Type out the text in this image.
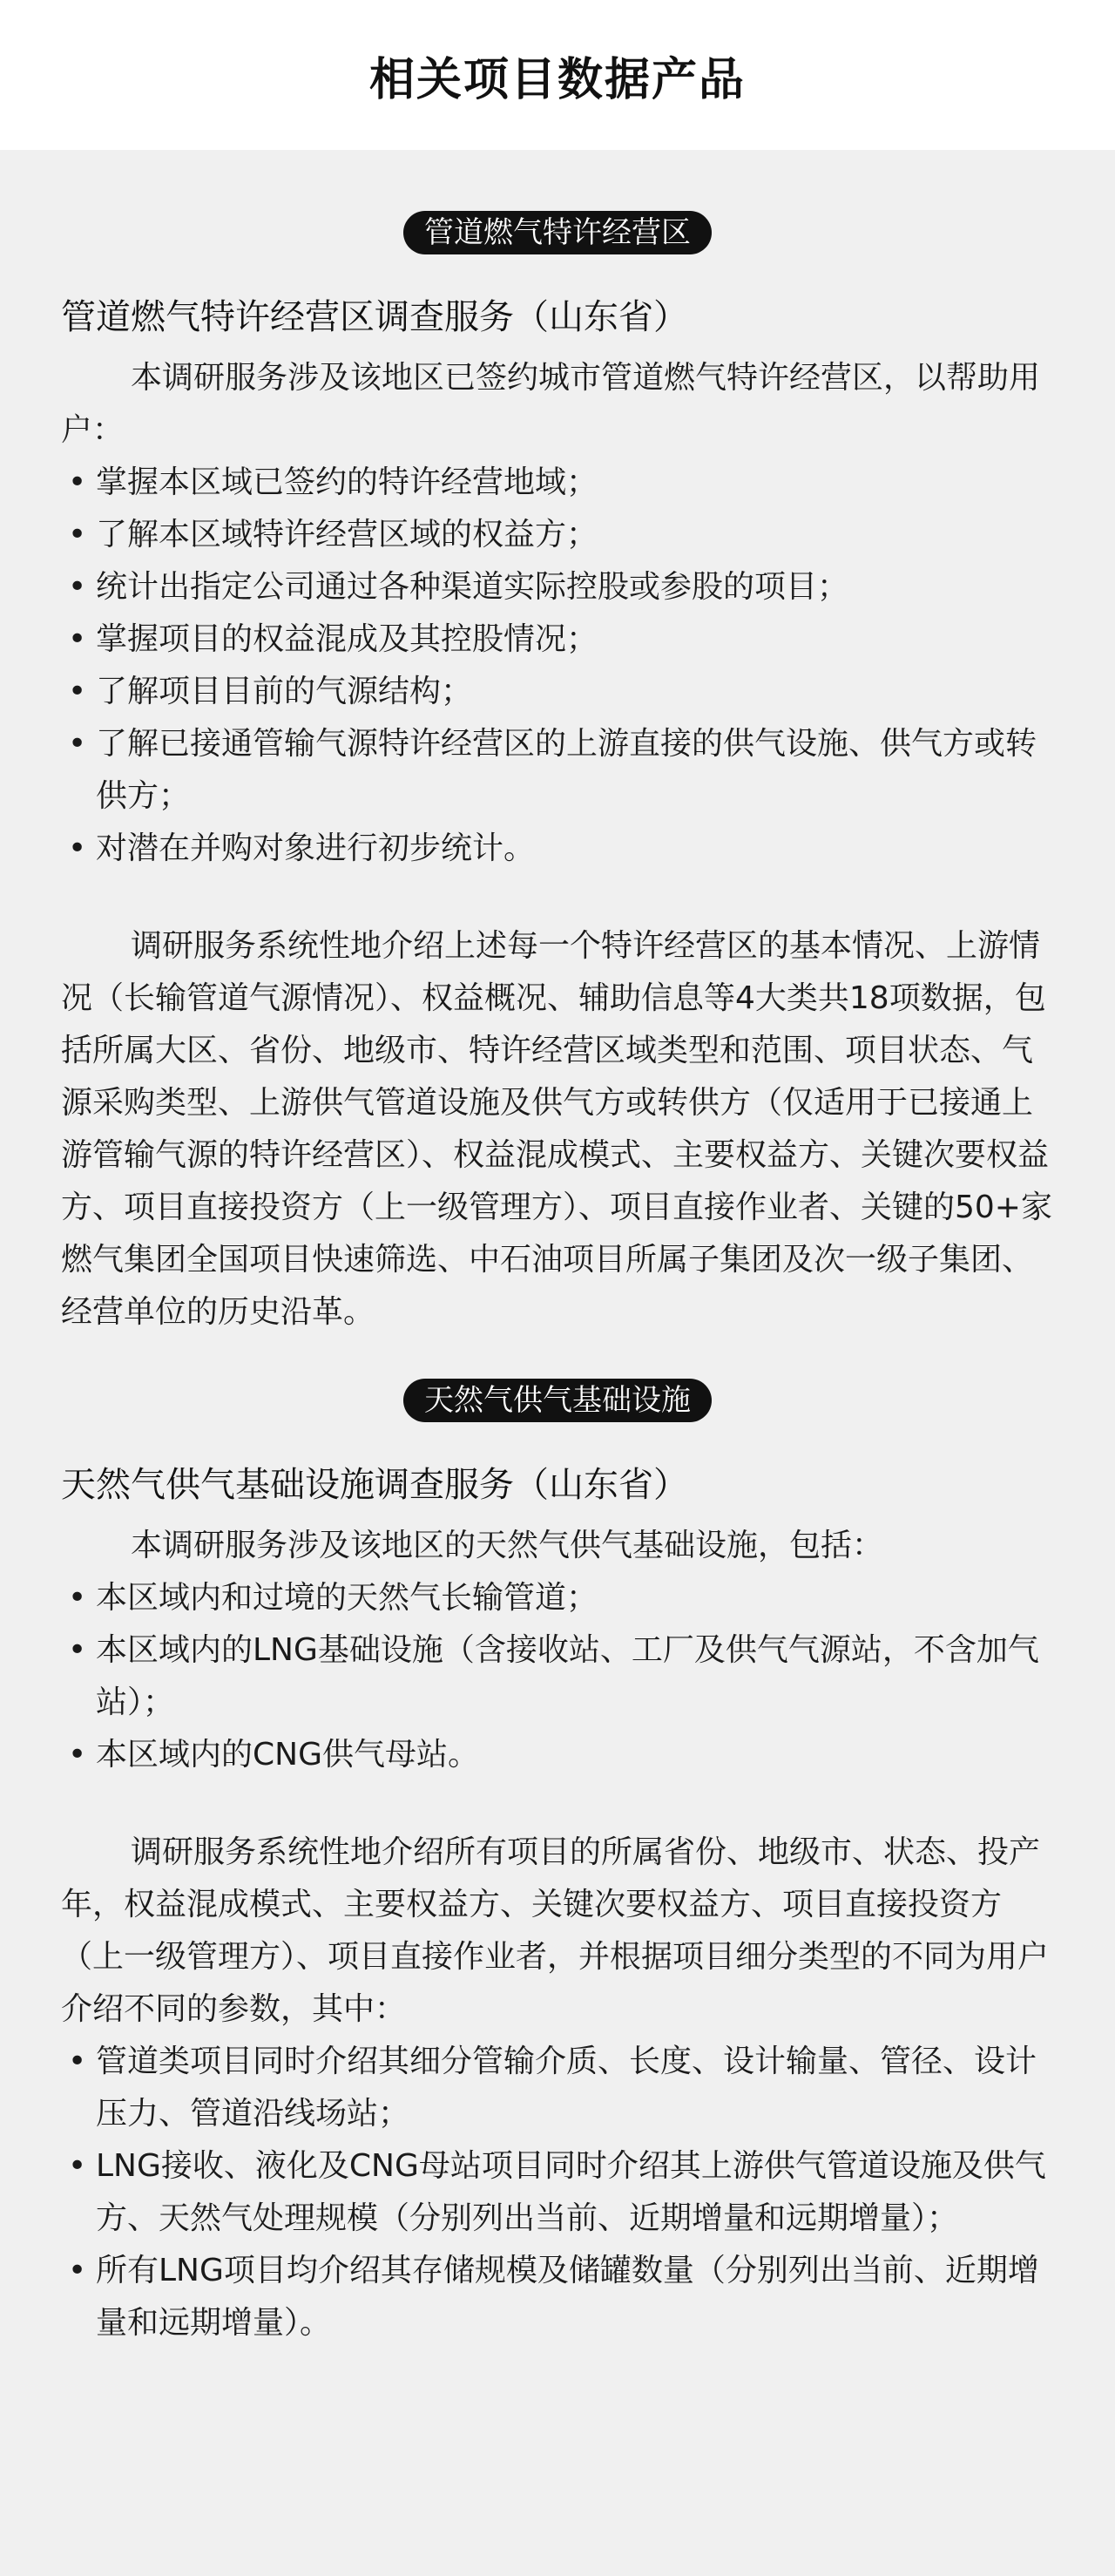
相关项目数据产品
管道燃气特许经营区
管道燃气特许经营区调查服务（山东省）

本调研服务涉及该地区已签约城市管道燃气特许经营区，以帮助用户：

• 掌握本区域已签约的特许经营地域；
• 了解本区域特许经营区域的权益方；
• 统计出指定公司通过各种渠道实际控股或参股的项目；
• 掌握项目的权益混成及其控股情况；
• 了解项目目前的气源结构；
• 了解已接通管输气源特许经营区的上游直接的供气设施、供气方或转供方；
• 对潜在并购对象进行初步统计。

调研服务系统性地介绍上述每一个特许经营区的基本情况、上游情况（长输管道气源情况）、权益概况、辅助信息等4大类共18项数据，包括所属大区、省份、地级市、特许经营区域类型和范围、项目状态、气源采购类型、上游供气管道设施及供气方或转供方（仅适用于已接通上游管输气源的特许经营区）、权益混成模式、主要权益方、关键次要权益方、项目直接投资方（上一级管理方）、项目直接作业者、关键的50+家燃气集团全国项目快速筛选、中石油项目所属子集团及次一级子集团、经营单位的历史沿革。

天然气供气基础设施
天然气供气基础设施调查服务（山东省）

本调研服务涉及该地区的天然气供气基础设施，包括：

• 本区域内和过境的天然气长输管道；
• 本区域内的LNG基础设施（含接收站、工厂及供气气源站，不含加气站）；
• 本区域内的CNG供气母站。

调研服务系统性地介绍所有项目的所属省份、地级市、状态、投产年，权益混成模式、主要权益方、关键次要权益方、项目直接投资方（上一级管理方）、项目直接作业者，并根据项目细分类型的不同为用户介绍不同的参数，其中：

• 管道类项目同时介绍其细分管输介质、长度、设计输量、管径、设计压力、管道沿线场站；
• LNG接收、液化及CNG母站项目同时介绍其上游供气管道设施及供气方、天然气处理规模（分别列出当前、近期增量和远期增量）；
• 所有LNG项目均介绍其存储规模及储罐数量（分别列出当前、近期增量和远期增量）。
